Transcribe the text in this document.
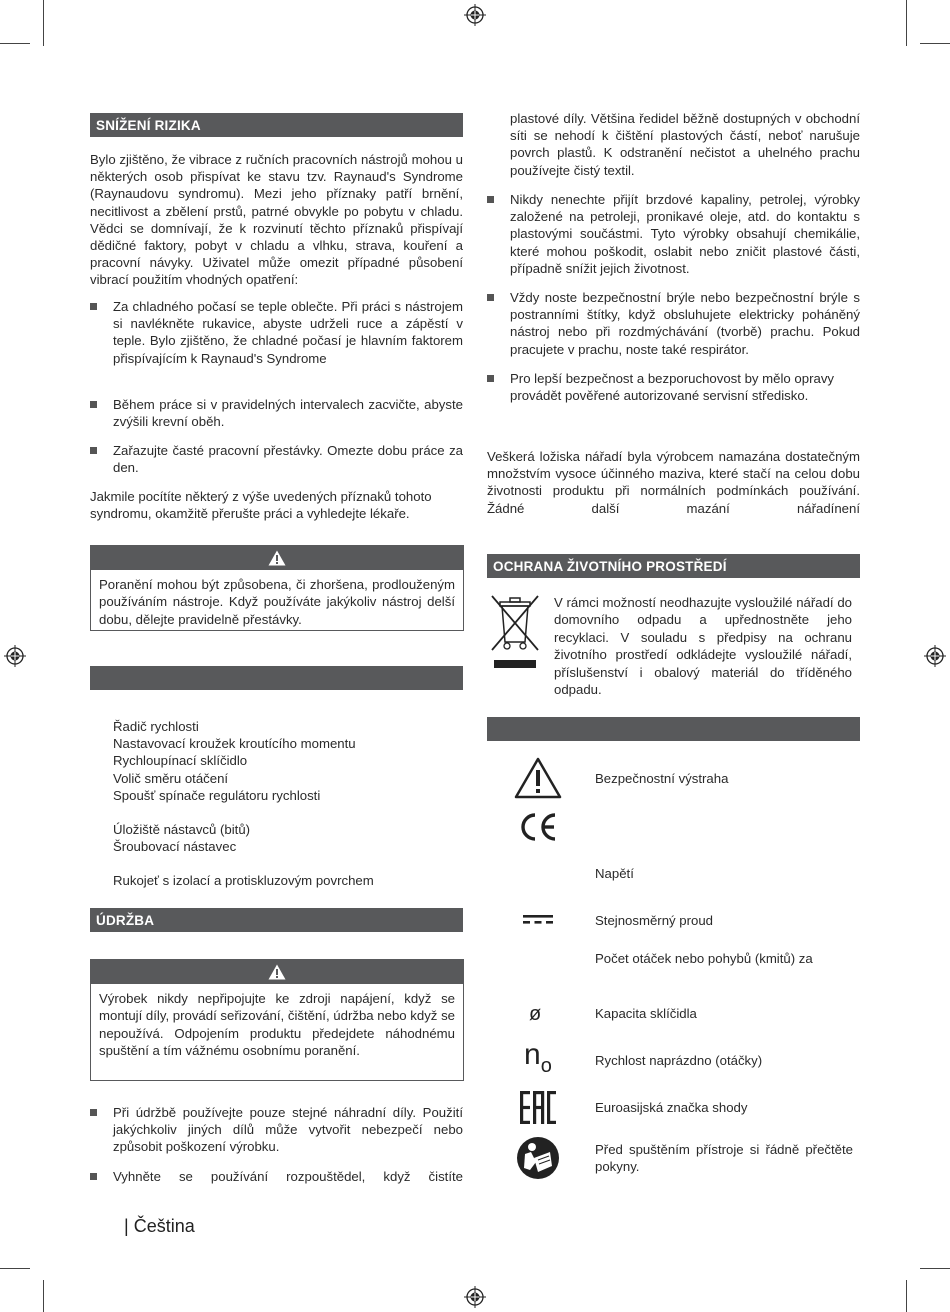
SNÍŽENÍ RIZIKA

Bylo zjištěno, že vibrace z ručních pracovních nástrojů mohou u některých osob přispívat ke stavu tzv. Raynaud's Syndrome (Raynaudovu syndromu). Mezi jeho příznaky patří brnění, necitlivost a zbělení prstů, patrné obvykle po pobytu v chladu. Vědci se domnívají, že k rozvinutí těchto příznaků přispívají dědičné faktory, pobyt v chladu a vlhku, strava, kouření a pracovní návyky. Uživatel může omezit případné působení vibrací použitím vhodných opatření:

Za chladného počasí se teple oblečte. Při práci s nástrojem si navlékněte rukavice, abyste udrželi ruce a zápěstí v teple. Bylo zjištěno, že chladné počasí je hlavním faktorem přispívajícím k Raynaud's Syndrome
Během práce si v pravidelných intervalech zacvičte, abyste zvýšili krevní oběh.
Zařazujte časté pracovní přestávky. Omezte dobu práce za den.

Jakmile pocítíte některý z výše uvedených příznaků tohoto syndromu, okamžitě přerušte práci a vyhledejte lékaře.

Poranění mohou být způsobena, či zhoršena, prodlouženým používáním nástroje. Když používáte jakýkoliv nástroj delší dobu, dělejte pravidelně přestávky.
Řadič rychlosti
Nastavovací kroužek kroutícího momentu
Rychloupínací sklíčidlo
Volič směru otáčení
Spoušť spínače regulátoru rychlosti
Úložiště nástavců (bitů)
Šroubovací nástavec
Rukojeť s izolací a protiskluzovým povrchem
ÚDRŽBA
Výrobek nikdy nepřipojujte ke zdroji napájení, když se montují díly, provádí seřizování, čištění, údržba nebo když se nepoužívá. Odpojením produktu předejdete náhodnému spuštění a tím vážnému osobnímu poranění.
Při údržbě používejte pouze stejné náhradní díly. Použití jakýchkoliv jiných dílů může vytvořit nebezpečí nebo způsobit poškození výrobku.
Vyhněte se používání rozpouštědel, když čistíte
| Čeština

plastové díly. Většina ředidel běžně dostupných v obchodní síti se nehodí k čištění plastových částí, neboť narušuje povrch plastů. K odstranění nečistot a uhelného prachu používejte čistý textil.

Nikdy nenechte přijít brzdové kapaliny, petrolej, výrobky založené na petroleji, pronikavé oleje, atd. do kontaktu s plastovými součástmi. Tyto výrobky obsahují chemikálie, které mohou poškodit, oslabit nebo zničit plastové části, případně snížit jejich životnost.
Vždy noste bezpečnostní brýle nebo bezpečnostní brýle s postranními štítky, když obsluhujete elektricky poháněný nástroj nebo při rozdmýchávání (tvorbě) prachu. Pokud pracujete v prachu, noste také respirátor.
Pro lepší bezpečnost a bezporuchovost by mělo opravy provádět pověřené autorizované servisní středisko.

Veškerá ložiska nářadí byla výrobcem namazána dostatečným množstvím vysoce účinného maziva, které stačí na celou dobu životnosti produktu při normálních podmínkách používání. Žádné další mazání nářadínení

OCHRANA ŽIVOTNÍHO PROSTŘEDÍ

V rámci možností neodhazujte vysloužilé nářadí do domovního odpadu a upřednostněte jeho recyklaci. V souladu s předpisy na ochranu životního prostředí odkládejte vysloužilé nářadí, příslušenství i obalový materiál do tříděného odpadu.

Bezpečnostní výstraha
Napětí
Stejnosměrný proud
Počet otáček nebo pohybů (kmitů) za
ø	Kapacita sklíčidla
$n_o$	Rychlost naprázdno (otáčky)
Euroasijská značka shody
Před spuštěním přístroje si řádně přečtěte pokyny.
